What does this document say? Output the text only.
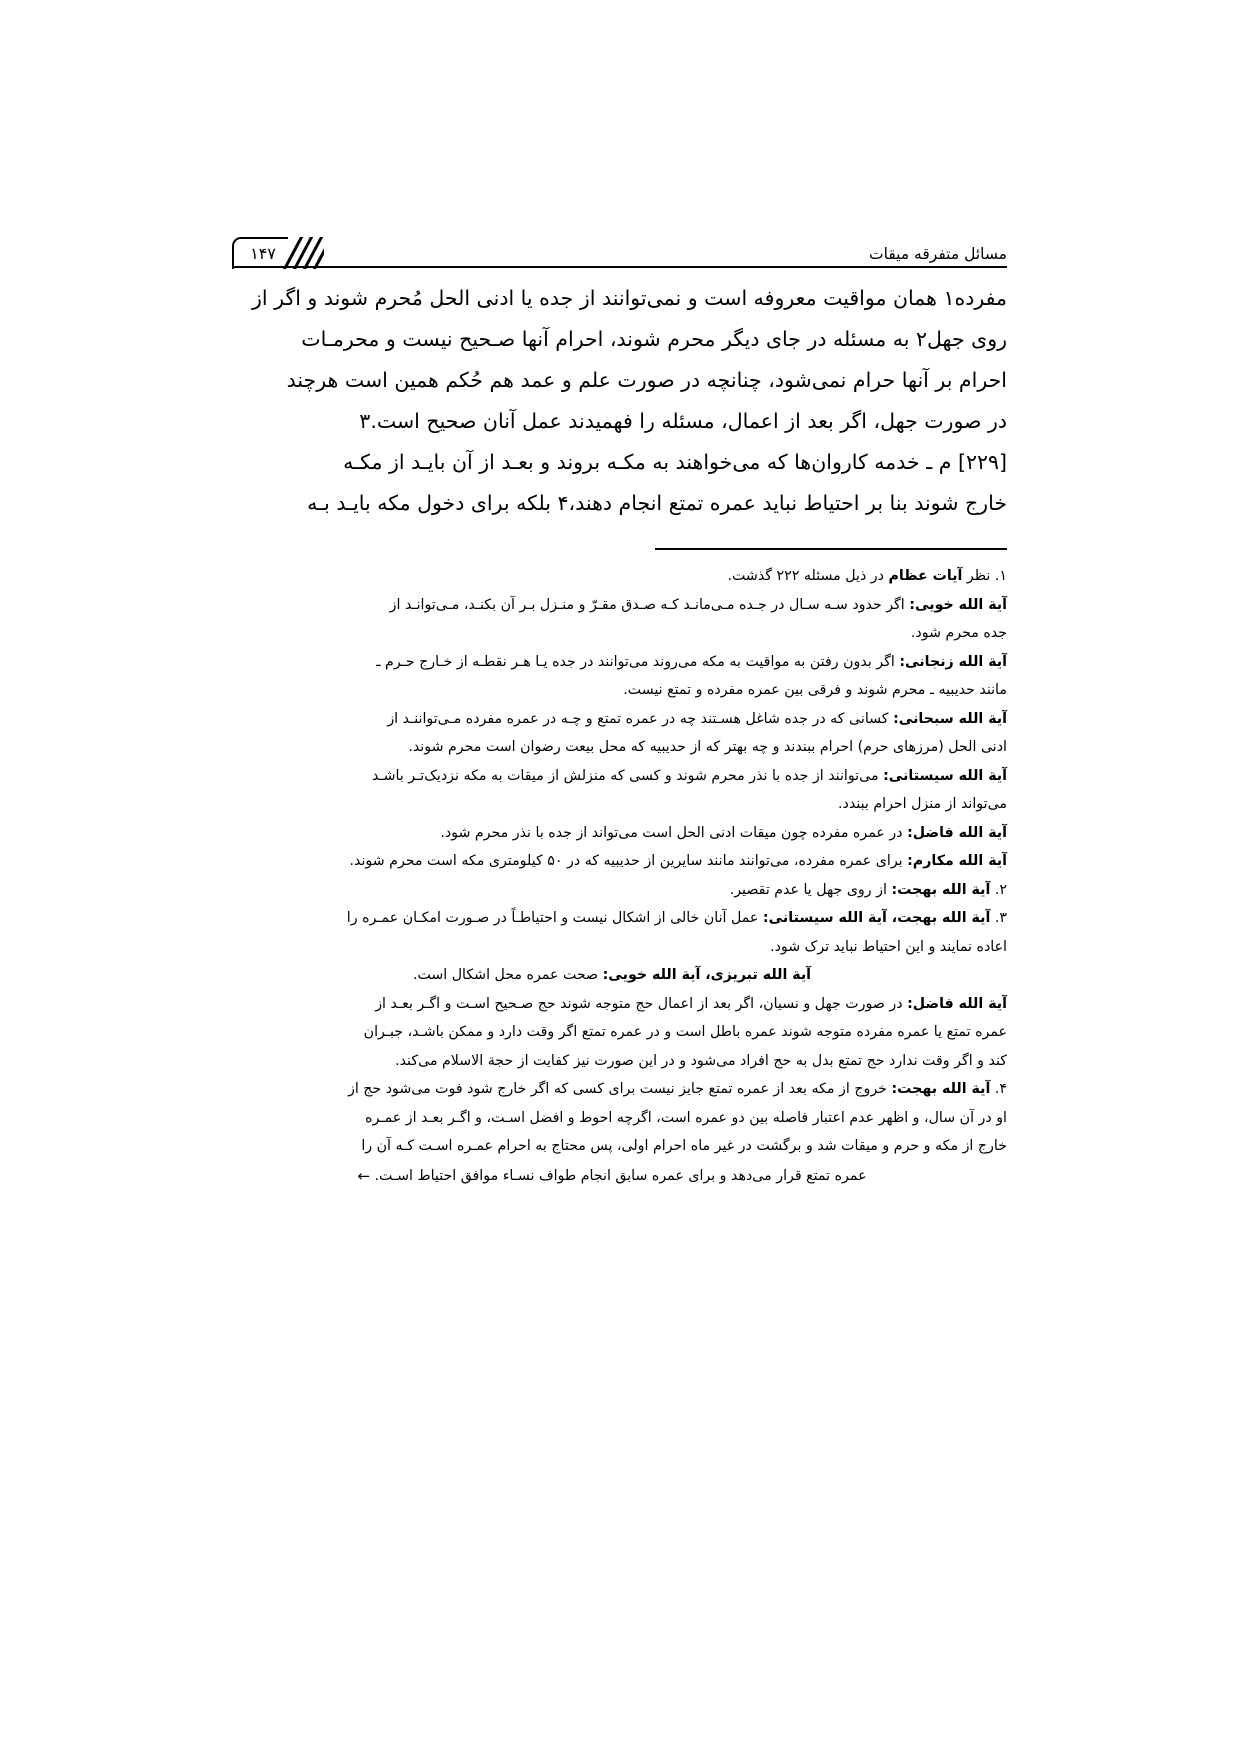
مسائل متفرقه میقات
۱۴۷
مفرده۱ همان مواقیت معروفه است و نمی‌توانند از جده یا ادنی الحل مُحرم شوند و اگر از
روی جهل۲ به مسئله در جای دیگر محرم شوند، احرام آنها صـحیح نیست و محرمـات
احرام بر آنها حرام نمی‌شود، چنانچه در صورت علم و عمد هم حُکم همین است هرچند
در صورت جهل، اگر بعد از اعمال، مسئله را فهمیدند عمل آنان صحیح است.۳
[۲۲۹] م ـ خدمه کاروان‌ها که می‌خواهند به مکـه بروند و بعـد از آن بایـد از مکـه
خارج شوند بنا بر احتیاط نباید عمره تمتع انجام دهند،۴ بلکه برای دخول مکه بایـد بـه

۱. نظر آیات عظام در ذیل مسئله ۲۲۲ گذشت.

آیة الله خویی: اگر حدود سـه سـال در جـده مـی‌مانـد کـه صـدق مقـرّ و منـزل بـر آن بکنـد، مـی‌توانـد از

جده محرم شود.

آیة الله زنجانی: اگر بدون رفتن به مواقیت به مکه می‌روند می‌توانند در جده یـا هـر نقطـه از خـارج حـرم ـ

مانند حدیبیه ـ محرم شوند و فرقی بین عمره مفرده و تمتع نیست.

آیة الله سبحانی: کسانی که در جده شاغل هسـتند چه در عمره تمتع و چـه در عمره مفرده مـی‌تواننـد از

ادنی الحل (مرزهای حرم) احرام ببندند و چه بهتر که از حدیبیه که محل بیعت رضوان است محرم شوند.

آیة الله سیستانی: می‌توانند از جده با نذر محرم شوند و کسی که منزلش از میقات به مکه نزدیک‌تـر باشـد

می‌تواند از منزل احرام ببندد.

آیة الله فاضل: در عمره مفرده چون میقات ادنی الحل است می‌تواند از جده با نذر محرم شود.

آیة الله مکارم: برای عمره مفرده، می‌توانند مانند سایرین از حدیبیه که در ۵۰ کیلومتری مکه است محرم شوند.

۲. آیة الله بهجت: از روی جهل یا عدم تقصیر.

۳. آیة الله بهجت، آیة الله سیستانی: عمل آنان خالی از اشکال نیست و احتیاطـاً در صـورت امکـان عمـره را

اعاده نمایند و این احتیاط نباید ترک شود.

آیة الله تبریزی، آیة الله خویی: صحت عمره محل اشکال است.

آیة الله فاضل: در صورت جهل و نسیان، اگر بعد از اعمال حج متوجه شوند حج صـحیح اسـت و اگـر بعـد از

عمره تمتع یا عمره مفرده متوجه شوند عمره باطل است و در عمره تمتع اگر وقت دارد و ممکن باشـد، جبـران

کند و اگر وقت ندارد حج تمتع بدل به حج افراد می‌شود و در این صورت نیز کفایت از حجة الاسلام می‌کند.

۴. آیة الله بهجت: خروج از مکه بعد از عمره تمتع جایز نیست برای کسی که اگر خارج شود فوت می‌شود حج از

او در آن سال، و اظهر عدم اعتبار فاصله بین دو عمره است، اگرچه احوط و افضل اسـت، و اگـر بعـد از عمـره

خارج از مکه و حرم و میقات شد و برگشت در غیر ماه احرام اولی، پس محتاج به احرام عمـره اسـت کـه آن را

عمره تمتع قرار می‌دهد و برای عمره سابق انجام طواف نسـاء موافق احتیاط اسـت. ←
